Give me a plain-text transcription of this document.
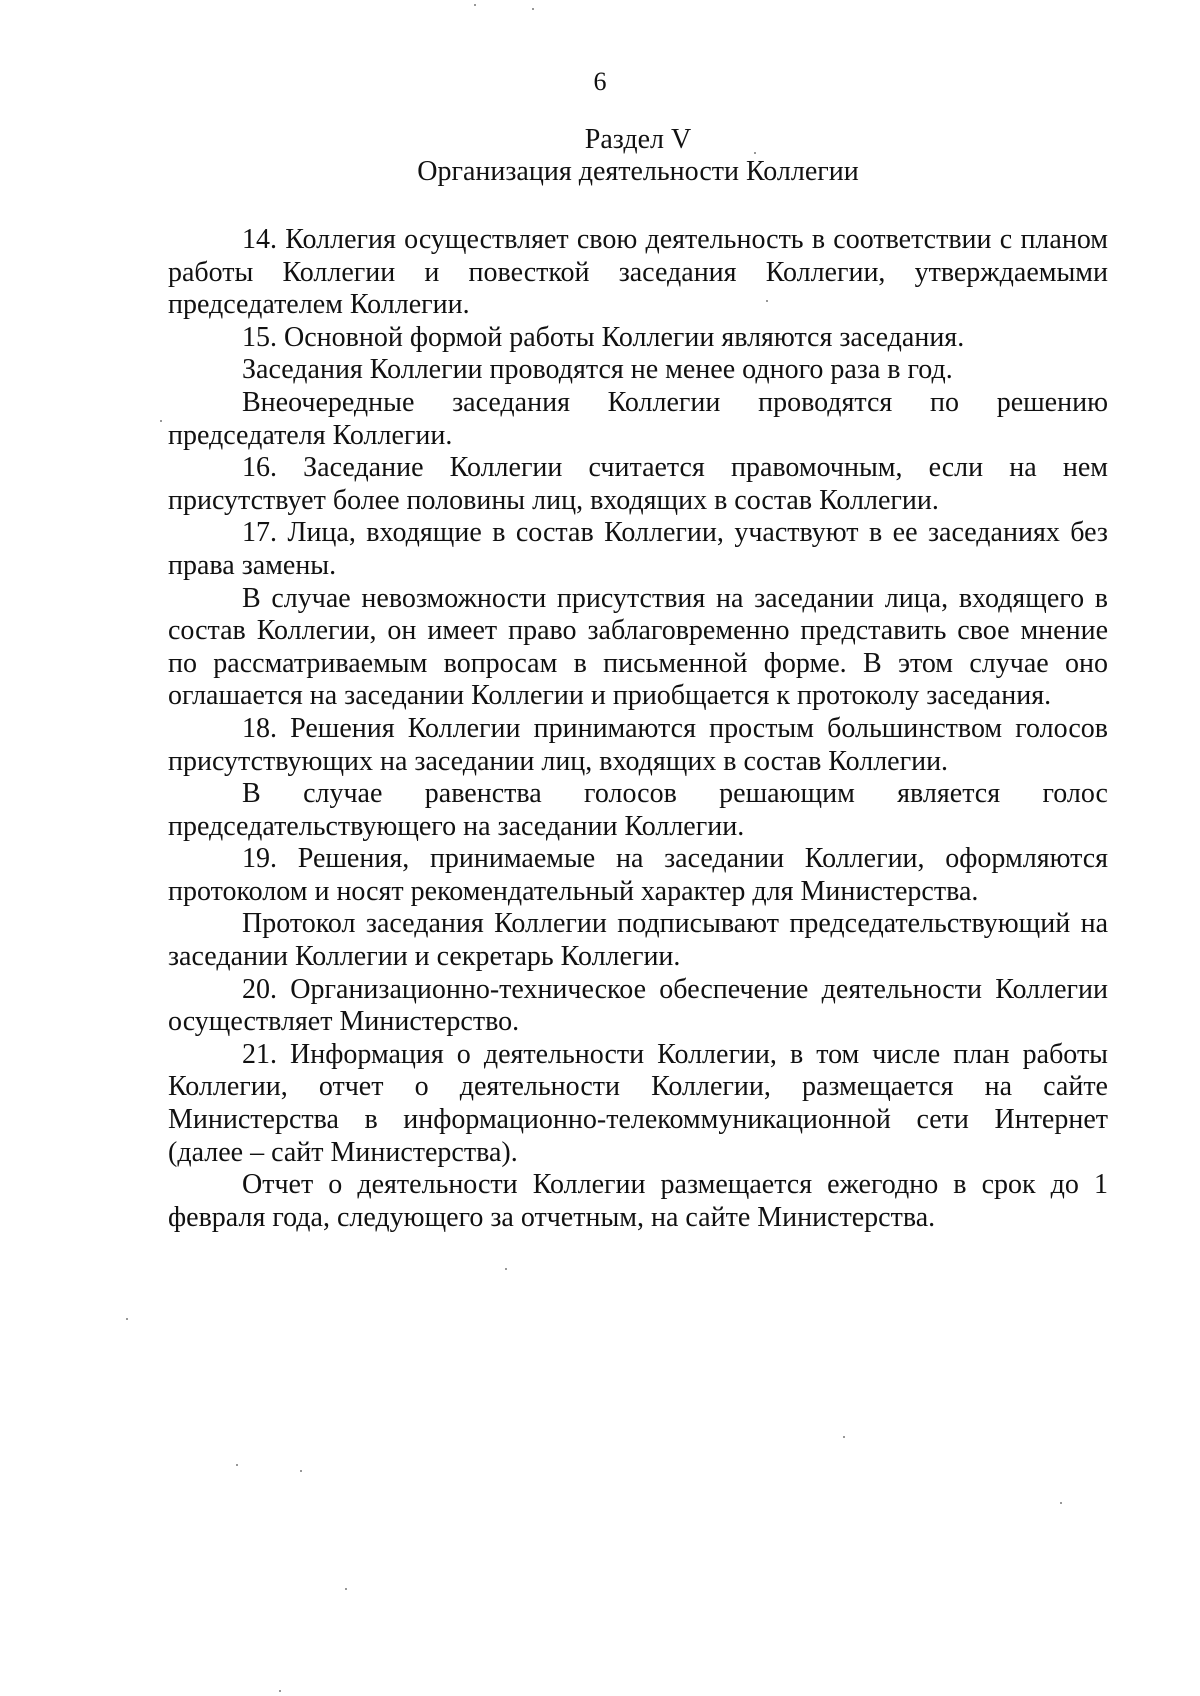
6
Раздел V
Организация деятельности Коллегии

14. Коллегия осуществляет свою деятельность в соответствии с планом работы Коллегии и повесткой заседания Коллегии, утверждаемыми председателем Коллегии.

15. Основной формой работы Коллегии являются заседания.

Заседания Коллегии проводятся не менее одного раза в год.

Внеочередные заседания Коллегии проводятся по решению председателя Коллегии.

16. Заседание Коллегии считается правомочным, если на нем присутствует более половины лиц, входящих в состав Коллегии.

17. Лица, входящие в состав Коллегии, участвуют в ее заседаниях без права замены.

В случае невозможности присутствия на заседании лица, входящего в состав Коллегии, он имеет право заблаговременно представить свое мнение по рассматриваемым вопросам в письменной форме. В этом случае оно оглашается на заседании Коллегии и приобщается к протоколу заседания.

18. Решения Коллегии принимаются простым большинством голосов присутствующих на заседании лиц, входящих в состав Коллегии.

В случае равенства голосов решающим является голос председательствующего на заседании Коллегии.

19. Решения, принимаемые на заседании Коллегии, оформляются протоколом и носят рекомендательный характер для Министерства.

Протокол заседания Коллегии подписывают председательствующий на заседании Коллегии и секретарь Коллегии.

20. Организационно-техническое обеспечение деятельности Коллегии осуществляет Министерство.

21. Информация о деятельности Коллегии, в том числе план работы Коллегии, отчет о деятельности Коллегии, размещается на сайте Министерства в информационно-телекоммуникационной сети Интернет (далее – сайт Министерства).

Отчет о деятельности Коллегии размещается ежегодно в срок до 1 февраля года, следующего за отчетным, на сайте Министерства.
